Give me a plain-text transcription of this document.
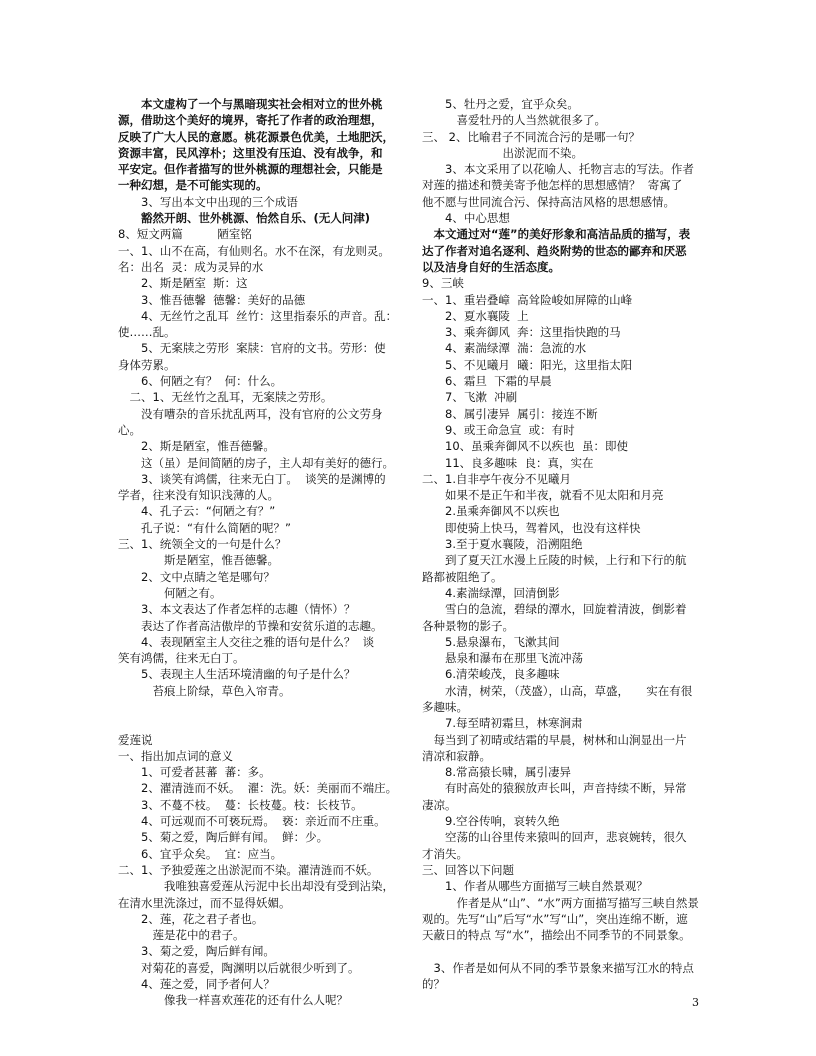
　　本文虚构了一个与黑暗现实社会相对立的世外桃
源，借助这个美好的境界，寄托了作者的政治理想，
反映了广大人民的意愿。桃花源景色优美，土地肥沃，
资源丰富，民风淳朴；这里没有压迫、没有战争，和
平安定。但作者描写的世外桃源的理想社会，只能是
一种幻想，是不可能实现的。
　　3、写出本文中出现的三个成语
　　豁然开朗、世外桃源、怡然自乐、(无人问津)
8、短文两篇　　　陋室铭
一、1、山不在高，有仙则名。水不在深，有龙则灵。
名：出名  灵：成为灵异的水
　　2、斯是陋室  斯：这
　　3、惟吾德馨  德馨：美好的品德
　　4、无丝竹之乱耳  丝竹：这里指泰乐的声音。乱：
使……乱。
　　5、无案牍之劳形  案牍：官府的文书。劳形：使
身体劳累。
　　6、何陋之有？  何：什么。
　二、1、无丝竹之乱耳，无案牍之劳形。
　　没有嘈杂的音乐扰乱两耳，没有官府的公文劳身
心。
　　2、斯是陋室，惟吾德馨。
　　这（虽）是间简陋的房子，主人却有美好的德行。
　　3、谈笑有鸿儒，往来无白丁。  谈笑的是渊博的
学者，往来没有知识浅薄的人。
　　4、孔子云：“何陋之有？”
　　孔子说：“有什么简陋的呢？”
三、1、统领全文的一句是什么？
　　　　斯是陋室，惟吾德馨。
　　2、文中点睛之笔是哪句？
　　　　何陋之有。
　　3、本文表达了作者怎样的志趣（情怀）？
　　表达了作者高洁傲岸的节操和安贫乐道的志趣。
　　4、表现陋室主人交往之雅的语句是什么？  谈
笑有鸿儒，往来无白丁。
　　5、表现主人生活环境清幽的句子是什么？
　　　苔痕上阶绿，草色入帘青。
爱莲说
一、指出加点词的意义
　　1、可爱者甚蕃  蕃：多。
　　2、濯清涟而不妖。  濯：洗。妖：美丽而不端庄。
　　3、不蔓不枝。  蔓：长枝蔓。枝：长枝节。
　　4、可远观而不可亵玩焉。  亵：亲近而不庄重。
　　5、菊之爱，陶后鲜有闻。  鲜：少。
　　6、宜乎众矣。  宜：应当。
二、1、予独爱莲之出淤泥而不染。濯清涟而不妖。
　　　　我唯独喜爱莲从污泥中长出却没有受到沾染，
在清水里洗涤过，而不显得妖媚。
　　2、莲，花之君子者也。
　　　莲是花中的君子。
　　3、菊之爱，陶后鲜有闻。
　　对菊花的喜爱，陶渊明以后就很少听到了。
　　4、莲之爱，同予者何人？
　　　　像我一样喜欢莲花的还有什么人呢？
　　5、牡丹之爱，宜乎众矣。
　　　喜爱牡丹的人当然就很多了。
三、 2、比喻君子不同流合污的是哪一句？
　　　　　　　出淤泥而不染。
　　3、本文采用了以花喻人、托物言志的写法。作者
对莲的描述和赞美寄予他怎样的思想感情？  寄寓了
他不愿与世同流合污、保持高洁风格的思想感情。
　　4、中心思想
　本文通过对“莲”的美好形象和高洁品质的描写，表
达了作者对追名逐利、趋炎附势的世态的鄙弃和厌恶
以及洁身自好的生活态度。
9、三峡
一、1、重岩叠嶂  高耸险峻如屏障的山峰
　　2、夏水襄陵  上
　　3、乘奔御风  奔：这里指快跑的马
　　4、素湍绿潭  湍：急流的水
　　5、不见曦月  曦：阳光，这里指太阳
　　6、霜旦  下霜的早晨
　　7、飞漱  冲刷
　　8、属引凄异  属引：接连不断
　　9、或王命急宣  或：有时
　　10、虽乘奔御风不以疾也  虽：即使
　　11、良多趣味  良：真，实在
二、1.自非亭午夜分不见曦月
　　如果不是正午和半夜，就看不见太阳和月亮
　　2.虽乘奔御风不以疾也
　　即使骑上快马，驾着风，也没有这样快
　　3.至于夏水襄陵，沿溯阻绝
　　到了夏天江水漫上丘陵的时候，上行和下行的航
路都被阻绝了。
　　4.素湍绿潭，回清倒影
　　雪白的急流，碧绿的潭水，回旋着清波，倒影着
各种景物的影子。
　　5.悬泉瀑布，飞漱其间
　　悬泉和瀑布在那里飞流冲荡
　　6.清荣峻茂，良多趣味
　　水清，树荣，（茂盛），山高，草盛，　　实在有很
多趣味。
　　7.每至晴初霜旦，林寒涧肃
　每当到了初晴或结霜的早晨，树林和山涧显出一片
清凉和寂静。
　　8.常高猿长啸，属引凄异
　　有时高处的猿猴放声长叫，声音持续不断，异常
凄凉。
　　9.空谷传响，哀转久绝
　　空荡的山谷里传来猿叫的回声，悲哀婉转，很久
才消失。
三、回答以下问题
　　1、作者从哪些方面描写三峡自然景观？
　　　作者是从“山”、“水”两方面描写描写三峡自然景
观的。先写“山”后写“水”写“山”，突出连绵不断，遮
天蔽日的特点 写“水”，描绘出不同季节的不同景象。
　3、作者是如何从不同的季节景象来描写江水的特点
的？
3
